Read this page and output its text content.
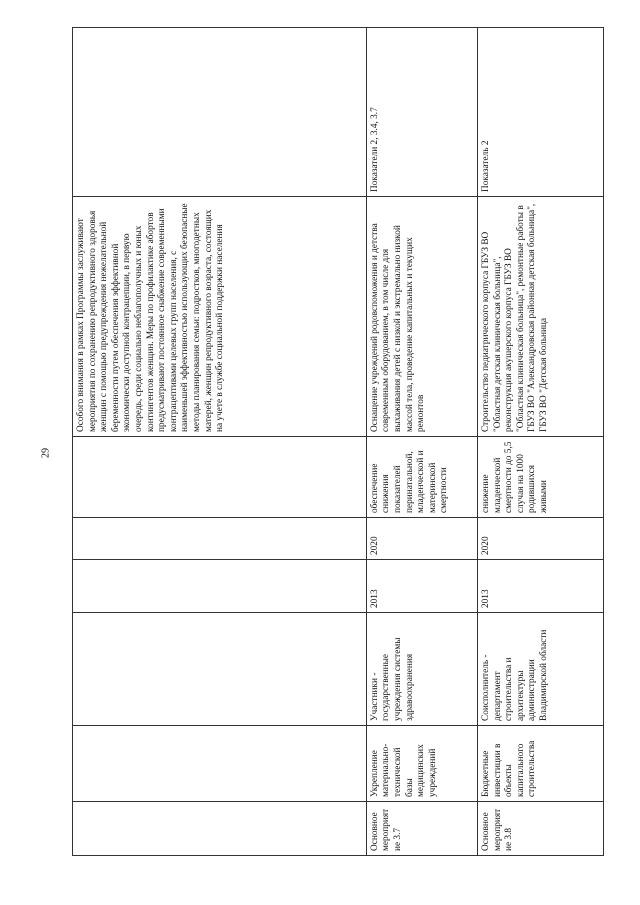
29
						Особого внимания в рамках Программы заслуживают мероприятия по сохранению репродуктивного здоровья женщин с помощью предупреждения нежелательной беременности путем обеспечения эффективной экономически доступной контрацепции, в первую очередь, среди социально неблагополучных и юных контингентов женщин. Меры по профилактике абортов предусматривают постоянное снабжение современными контрацептивами целевых групп населения, с наименьшей эффективностью использующих безопасные методы планирования семьи: подростков, многодетных матерей, женщин репродуктивного возраста, состоящих на учете в службе социальной поддержки населения	
Основное мероприятие 3.7	Укрепление материально-технической базы медицинских учреждений	Участники - государственные учреждения системы здравоохранения	2013	2020	обеспечение снижения показателей перинатальной, младенческой и материнской смертности	Оснащение учреждений родовспоможения и детства современным оборудованием, в том числе для выхаживания детей с низкой и экстремально низкой массой тела, проведение капитальных и текущих ремонтов	Показатели 2, 3.4, 3.7
Основное мероприятие 3.8	Бюджетные инвестиции в объекты капитального строительства	Соисполнитель - департамент строительства и архитектуры администрации Владимирской области	2013	2020	снижение младенческой смертности до 5,5 случая на 1000 родившихся живыми	Строительство педиатрического корпуса ГБУЗ ВО "Областная детская клиническая больница", реконструкция акушерского корпуса ГБУЗ ВО "Областная клиническая больница", ремонтные работы в ГБУЗ ВО "Александровская районная детская больница", ГБУЗ ВО "Детская больница	Показатель 2
